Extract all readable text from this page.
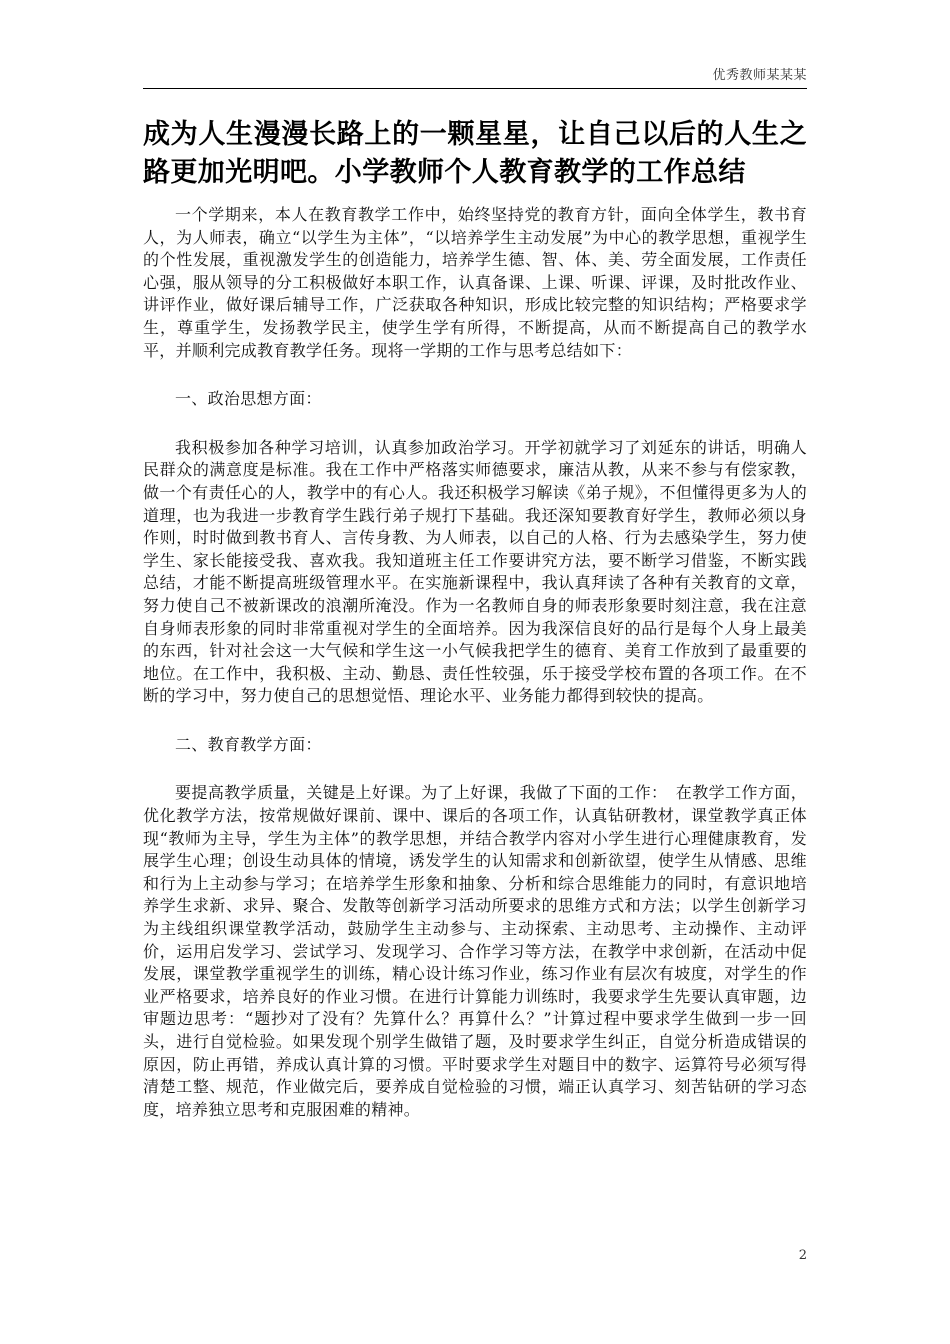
优秀教师某某某
成为人生漫漫长路上的一颗星星，让自己以后的人生之路更加光明吧。小学教师个人教育教学的工作总结

一个学期来，本人在教育教学工作中，始终坚持党的教育方针，面向全体学生，教书育人，为人师表，确立“以学生为主体”，“以培养学生主动发展”为中心的教学思想，重视学生的个性发展，重视激发学生的创造能力，培养学生德、智、体、美、劳全面发展，工作责任心强，服从领导的分工积极做好本职工作，认真备课、上课、听课、评课，及时批改作业、讲评作业，做好课后辅导工作，广泛获取各种知识，形成比较完整的知识结构；严格要求学生，尊重学生，发扬教学民主，使学生学有所得，不断提高，从而不断提高自己的教学水平，并顺利完成教育教学任务。现将一学期的工作与思考总结如下：

一、政治思想方面：

我积极参加各种学习培训，认真参加政治学习。开学初就学习了刘延东的讲话，明确人民群众的满意度是标准。我在工作中严格落实师德要求，廉洁从教，从来不参与有偿家教，做一个有责任心的人，教学中的有心人。我还积极学习解读《弟子规》，不但懂得更多为人的道理，也为我进一步教育学生践行弟子规打下基础。我还深知要教育好学生，教师必须以身作则，时时做到教书育人、言传身教、为人师表，以自己的人格、行为去感染学生，努力使学生、家长能接受我、喜欢我。我知道班主任工作要讲究方法，要不断学习借鉴，不断实践总结，才能不断提高班级管理水平。在实施新课程中，我认真拜读了各种有关教育的文章，努力使自己不被新课改的浪潮所淹没。作为一名教师自身的师表形象要时刻注意，我在注意自身师表形象的同时非常重视对学生的全面培养。因为我深信良好的品行是每个人身上最美的东西，针对社会这一大气候和学生这一小气候我把学生的德育、美育工作放到了最重要的地位。在工作中，我积极、主动、勤恳、责任性较强，乐于接受学校布置的各项工作。在不断的学习中，努力使自己的思想觉悟、理论水平、业务能力都得到较快的提高。

二、教育教学方面：

要提高教学质量，关键是上好课。为了上好课，我做了下面的工作：　在教学工作方面，优化教学方法，按常规做好课前、课中、课后的各项工作，认真钻研教材，课堂教学真正体现“教师为主导，学生为主体”的教学思想，并结合教学内容对小学生进行心理健康教育，发展学生心理；创设生动具体的情境，诱发学生的认知需求和创新欲望，使学生从情感、思维和行为上主动参与学习；在培养学生形象和抽象、分析和综合思维能力的同时，有意识地培养学生求新、求异、聚合、发散等创新学习活动所要求的思维方式和方法；以学生创新学习为主线组织课堂教学活动，鼓励学生主动参与、主动探索、主动思考、主动操作、主动评价，运用启发学习、尝试学习、发现学习、合作学习等方法，在教学中求创新，在活动中促发展，课堂教学重视学生的训练，精心设计练习作业，练习作业有层次有坡度，对学生的作业严格要求，培养良好的作业习惯。在进行计算能力训练时，我要求学生先要认真审题，边审题边思考：“题抄对了没有？先算什么？再算什么？”计算过程中要求学生做到一步一回头，进行自觉检验。如果发现个别学生做错了题，及时要求学生纠正，自觉分析造成错误的原因，防止再错，养成认真计算的习惯。平时要求学生对题目中的数字、运算符号必须写得清楚工整、规范，作业做完后，要养成自觉检验的习惯，端正认真学习、刻苦钻研的学习态度，培养独立思考和克服困难的精神。

2
